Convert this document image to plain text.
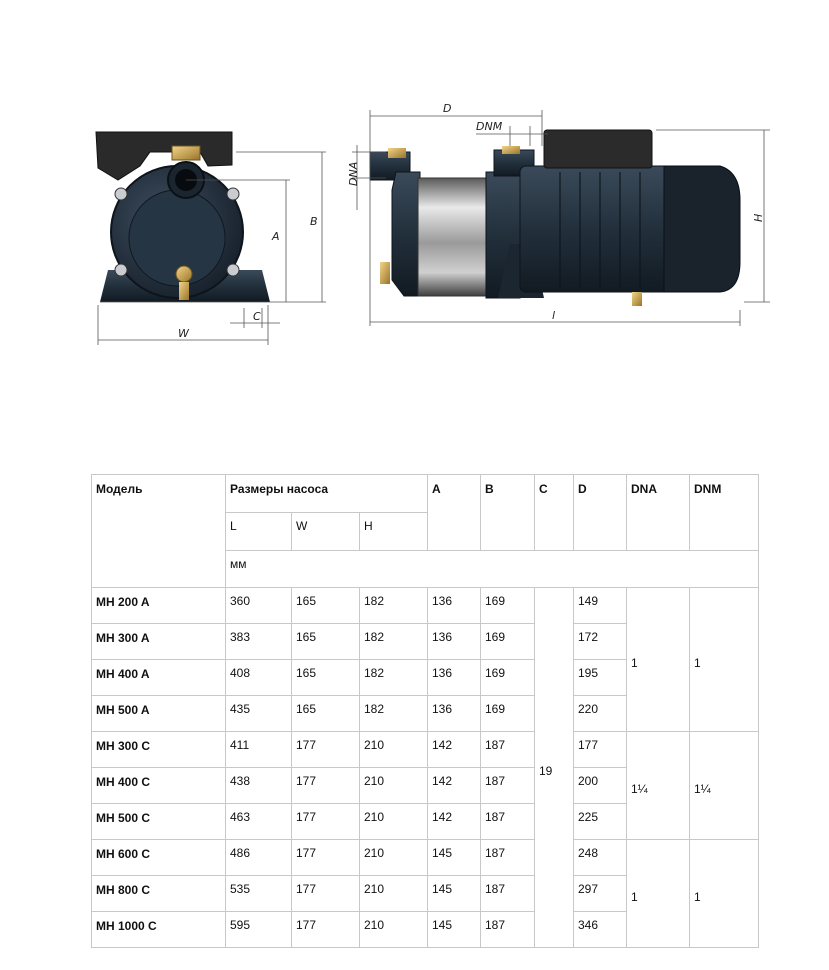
A
B
C
W
D
DNM
DNA
l
H
Модель	Размеры насоса			A	B	C	D	DNA	DNM
	L	W	H						
	мм								
MH 200 A	360	165	182	136	169	19	149	1	1
MH 300 A	383	165	182	136	169		172		
MH 400 A	408	165	182	136	169		195		
MH 500 A	435	165	182	136	169		220		
MH 300 C	411	177	210	142	187		177	1¼	1¼
MH 400 C	438	177	210	142	187		200		
MH 500 C	463	177	210	142	187		225		
MH 600 C	486	177	210	145	187		248	1	1
MH 800 C	535	177	210	145	187		297		
MH 1000 C	595	177	210	145	187		346		
